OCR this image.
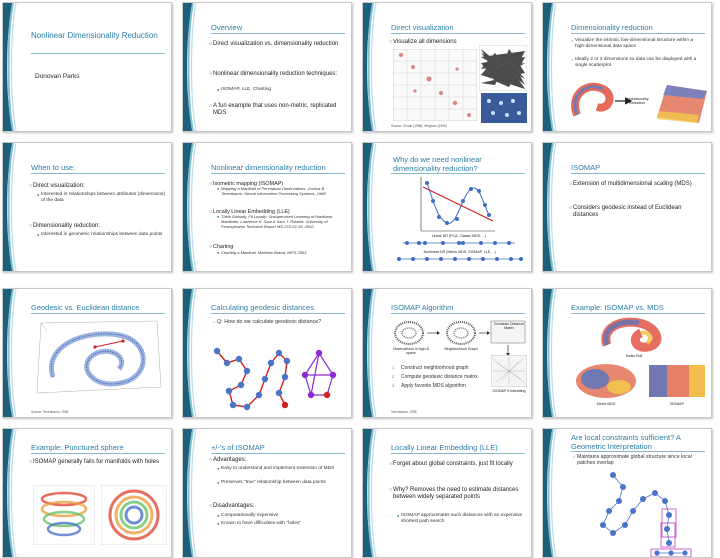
Nonlinear Dimensionality Reduction
Donovan Parks
Overview
○ Direct visualization vs. dimensionality reduction
○ Nonlinear dimensionality reduction techniques:
● ISOMAP, LLE, Charting
○ A fun example that uses non-metric, replicated MDS
Direct visualization
○ Visualize all dimensions
Source: Chuah (1998), Wegman (1990)
Dimensionality reduction
○ Visualize the intrinsic low-dimensional structure within a high-dimensional data space
○ Ideally 2 or 3 dimensions so data can be displayed with a single scatterplot
Dimensionality Reduction
When to use:
○ Direct visualization:
● Interested in relationships between attributes (dimensions) of the data
○ Dimensionality reduction:
● Interested in geometric relationships between data points
Nonlinear dimensionality reduction
○ Isometric mapping (ISOMAP)
● Mapping a Manifold of Perceptual Observations. Joshua B. Tenenbaum. Neural Information Processing Systems, 1998.
○ Locally Linear Embedding (LLE)
● Think Globally, Fit Locally: Unsupervised Learning of Nonlinear Manifolds. Lawrence K. Saul & Sam T. Roweis. University of Pennsylvania Technical Report MS-CIS-02-18, 2002.
○ Charting
● Charting a Manifold. Matthew Brand, NIPS 2003.
Why do we need nonlinear dimensionality reduction?
Linear DR (PCA, Classic MDS, ...)
Nonlinear DR (Metric MDS, ISOMAP, LLE, ...)
ISOMAP
○ Extension of multidimensional scaling (MDS)
○ Considers geodesic instead of Euclidean distances
Geodesic vs. Euclidean distance
Source: Tenenbaum, 1998
Calculating geodesic distances
○ Q: How do we calculate geodesic distance?
ISOMAP Algorithm
Geodesic Distance Matrix
Observations in high-D space
Neighborhood Graph
1 Construct neighborhood graph
2 Compute geodesic distance matrix
3 Apply favorite MDS algorithm
ISOMAP Embedding
Tenenbaum, 1998
Example: ISOMAP vs. MDS
Swiss Roll
Metric MDS	ISOMAP
Example: Punctured sphere
○ ISOMAP generally fails for manifolds with holes
+/-'s of ISOMAP
○ Advantages:
● Easy to understand and implement extension of MDS
● Preserves "true" relationship between data points
○ Disadvantages:
● Computationally expensive
● Known to have difficulties with "holes"
Locally Linear Embedding (LLE)
○ Forget about global constraints, just fit locally
○ Why? Removes the need to estimate distances between widely separated points
● ISOMAP approximates such distances with an expensive shortest path search
Are local constraints sufficient? A Geometric Interpretation
○ Maintains approximate global structure since local patches overlap
